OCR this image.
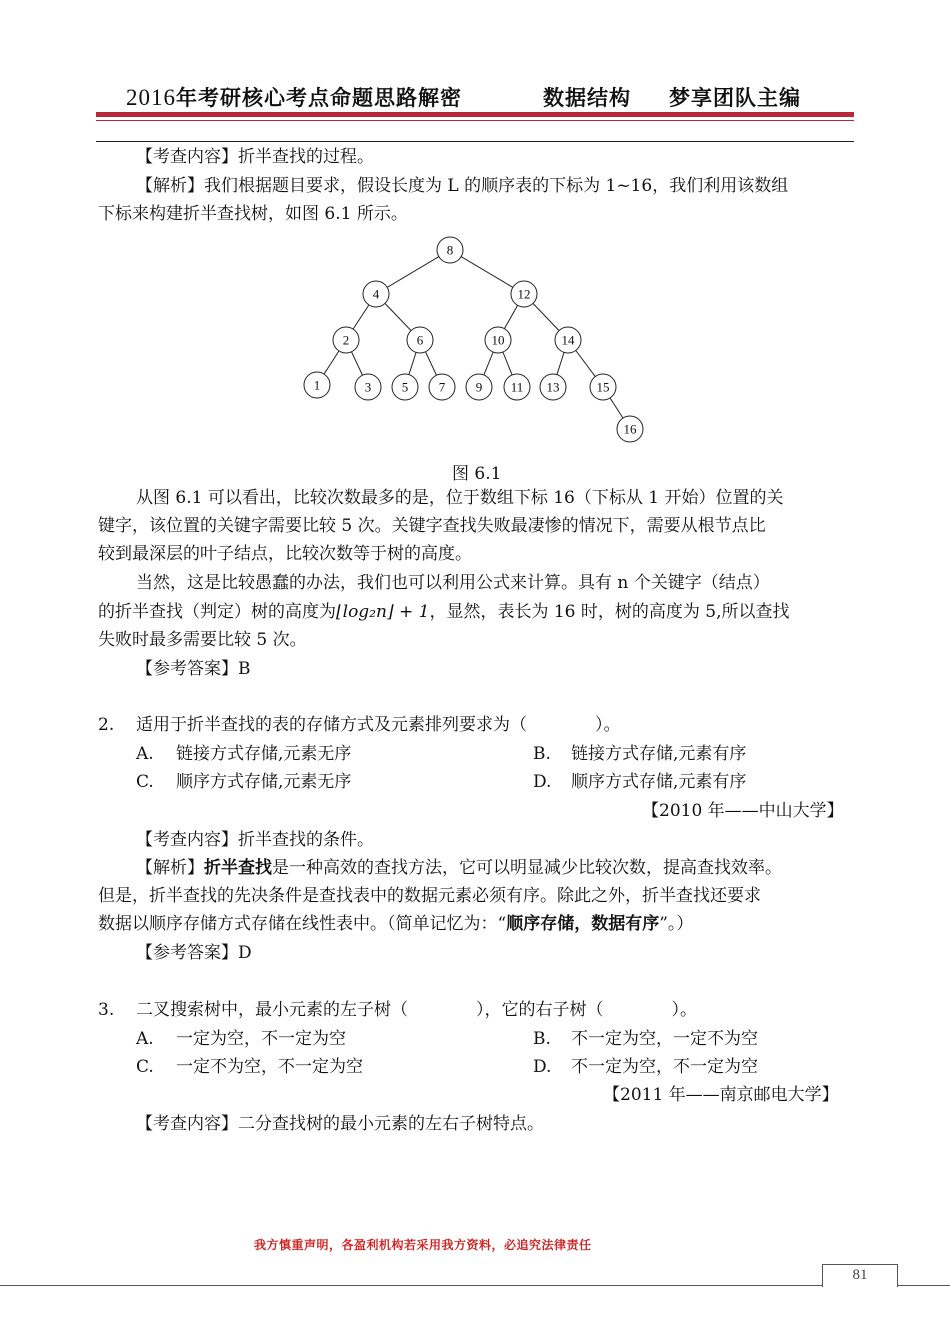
2016年考研核心考点命题思路解密	数据结构 梦享团队主编
【考查内容】折半查找的过程。
【解析】我们根据题目要求，假设长度为 L 的顺序表的下标为 1~16，我们利用该数组
下标来构建折半查找树，如图 6.1 所示。
8
4	12
2	6	10	14
1	3 5 7 9 11 13	15
16
图 6.1
从图 6.1 可以看出，比较次数最多的是，位于数组下标 16（下标从 1 开始）位置的关
键字，该位置的关键字需要比较 5 次。关键字查找失败最凄惨的情况下，需要从根节点比
较到最深层的叶子结点，比较次数等于树的高度。
当然，这是比较愚蠢的办法，我们也可以利用公式来计算。具有 n 个关键字（结点）
的折半查找（判定）树的高度为⌊log₂n⌋ + 1，显然，表长为 16 时，树的高度为 5,所以查找
失败时最多需要比较 5 次。
【参考答案】B
2. 适用于折半查找的表的存储方式及元素排列要求为（　　　　）。
A. 链接方式存储,元素无序	B. 链接方式存储,元素有序
C. 顺序方式存储,元素无序	D. 顺序方式存储,元素有序
【2010 年——中山大学】
【考查内容】折半查找的条件。
【解析】折半查找是一种高效的查找方法，它可以明显减少比较次数，提高查找效率。
但是，折半查找的先决条件是查找表中的数据元素必须有序。除此之外，折半查找还要求
数据以顺序存储方式存储在线性表中。（简单记忆为：“顺序存储，数据有序”。）
【参考答案】D
3. 二叉搜索树中，最小元素的左子树（　　　　），它的右子树（　　　　）。
A. 一定为空，不一定为空	B. 不一定为空，一定不为空
C. 一定不为空，不一定为空	D. 不一定为空，不一定为空
【2011 年——南京邮电大学】
【考查内容】二分查找树的最小元素的左右子树特点。
我方慎重声明，各盈利机构若采用我方资料，必追究法律责任
81
